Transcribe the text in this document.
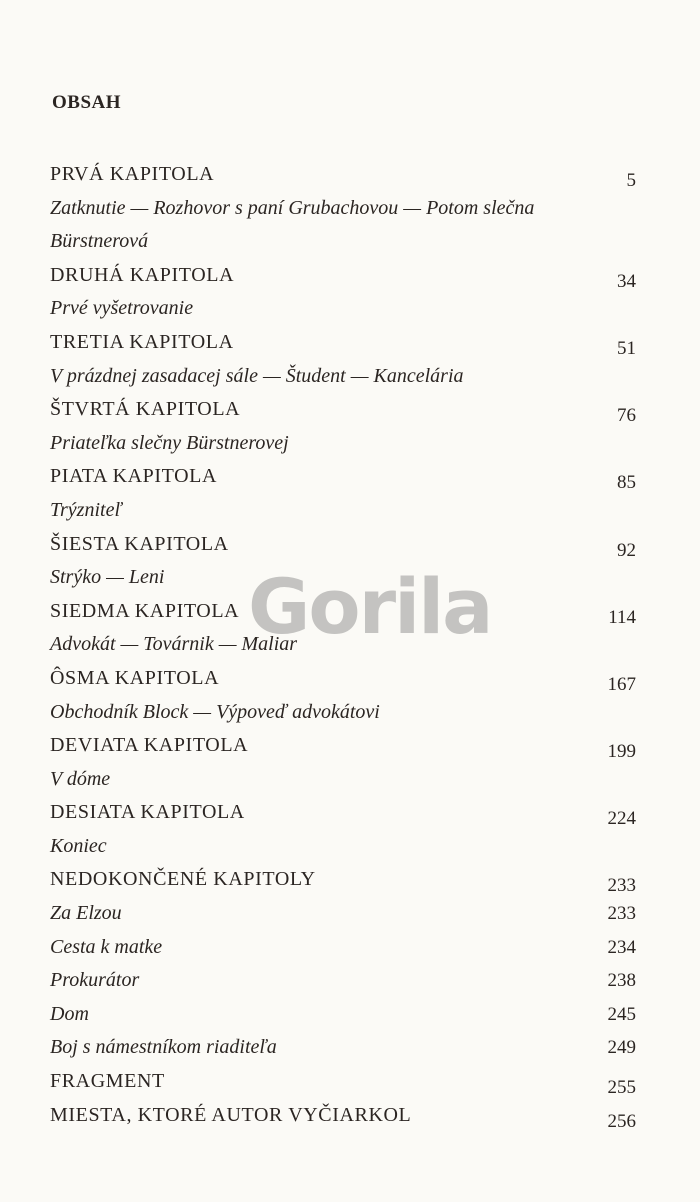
OBSAH
PRVÁ KAPITOLA	5
Zatknutie — Rozhovor s paní Grubachovou — Potom slečna
Bürstnerová
DRUHÁ KAPITOLA	34
Prvé vyšetrovanie
TRETIA KAPITOLA	51
V prázdnej zasadacej sále — Študent — Kancelária
ŠTVRTÁ KAPITOLA	76
Priateľka slečny Bürstnerovej
PIATA KAPITOLA	85
Trýzniteľ
ŠIESTA KAPITOLA	92
Strýko — Leni
SIEDMA KAPITOLA	114
Advokát — Továrnik — Maliar
ÔSMA KAPITOLA	167
Obchodník Block — Výpoveď advokátovi
DEVIATA KAPITOLA	199
V dóme
DESIATA KAPITOLA	224
Koniec
NEDOKONČENÉ KAPITOLY	233
Za Elzou	233
Cesta k matke	234
Prokurátor	238
Dom	245
Boj s námestníkom riaditeľa	249
FRAGMENT	255
MIESTA, KTORÉ AUTOR VYČIARKOL	256
Gorila
